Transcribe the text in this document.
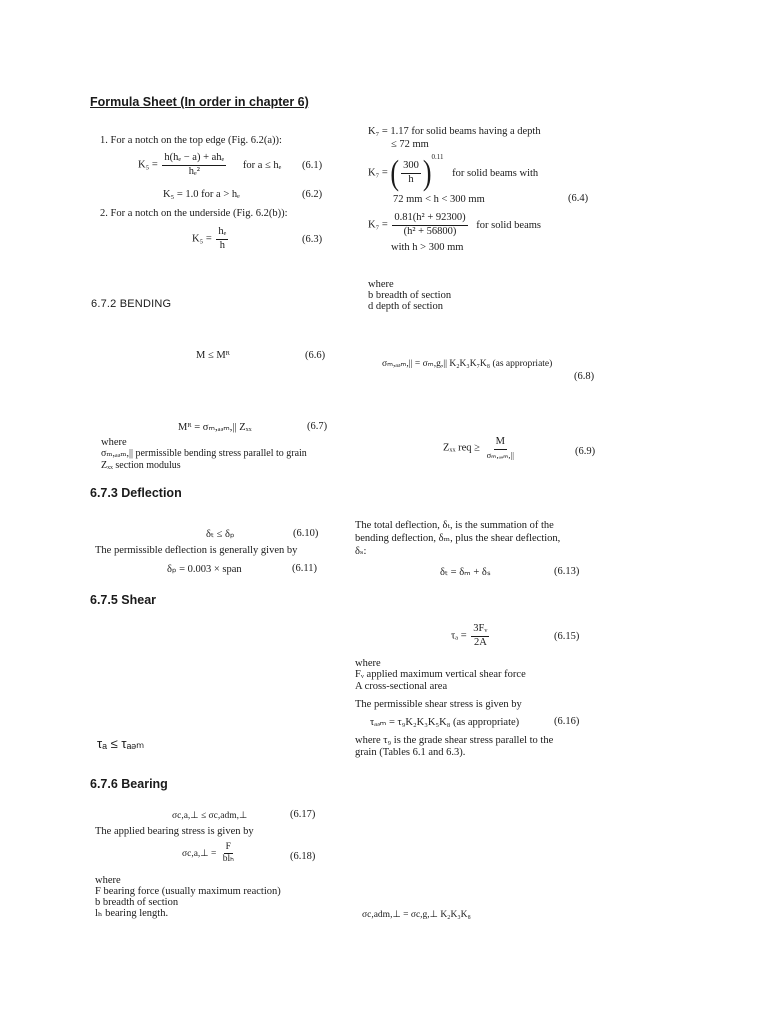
Formula Sheet (In order in chapter 6)
1. For a notch on the top edge (Fig. 6.2(a)):
$K_5 = \frac{\text{h(hₑ − a) + ahₑ}}{\text{hₑ²}}$ for a ≤ hₑ (6.1)
K₅ = 1.0 for a > hₑ	(6.2)
2. For a notch on the underside (Fig. 6.2(b)):
$K_5 = \frac{\text{hₑ}}{h}$	(6.3)
K₇ = 1.17 for solid beams having a depth
≤ 72 mm
K₇ = ( $\frac{300}{h} )^{0.11}$ for solid beams with
72 mm < h < 300 mm	(6.4)
$K_7 = \frac{\text{0.81(h² + 92300)}}{\text{(h² + 56800)}}$ for solid beams
with h > 300 mm
where
b breadth of section
d depth of section
6.7.2 BENDING
M ≤ Mᴿ	(6.6)
σₘ,ₐₔₘ,|| = σₘ,g,|| K₂K₃K₇K₈ (as appropriate)
(6.8)
Mᴿ = σₘ,ₐₔₘ,|| Zₓₓ	(6.7)
where
σₘ,ₐₔₘ,|| permissible bending stress parallel to grain
Zₓₓ section modulus
Zₓₓ req ≥ $\frac{M}{\text{σₘ,ₐₔₘ,||}}$	(6.9)
6.7.3 Deflection
δₜ ≤ δₚ	(6.10)
The permissible deflection is generally given by
δₚ = 0.003 × span	(6.11)
The total deflection, δₜ, is the summation of the
bending deflection, δₘ, plus the shear deflection,
δₛ:
δₜ = δₘ + δₛ	(6.13)
6.7.5 Shear
$\tau_a = \frac{\text{3Fᵥ}}{2A}$	(6.15)
where
Fᵥ applied maximum vertical shear force
A cross-sectional area
The permissible shear stress is given by
τₐₔₘ = τ₉K₂K₃K₅K₈ (as appropriate)	(6.16)
where τ₉ is the grade shear stress parallel to the
grain (Tables 6.1 and 6.3).
τₐ ≤ τₐₔₘ
6.7.6 Bearing
σc,a,⊥ ≤ σc,adm,⊥	(6.17)
The applied bearing stress is given by
σc,a,⊥ = $\frac{F}{\text{blₕ}}$	(6.18)
where
F bearing force (usually maximum reaction)
b breadth of section
lₕ bearing length.	σc,adm,⊥ = σc,g,⊥ K₂K₃K₈
